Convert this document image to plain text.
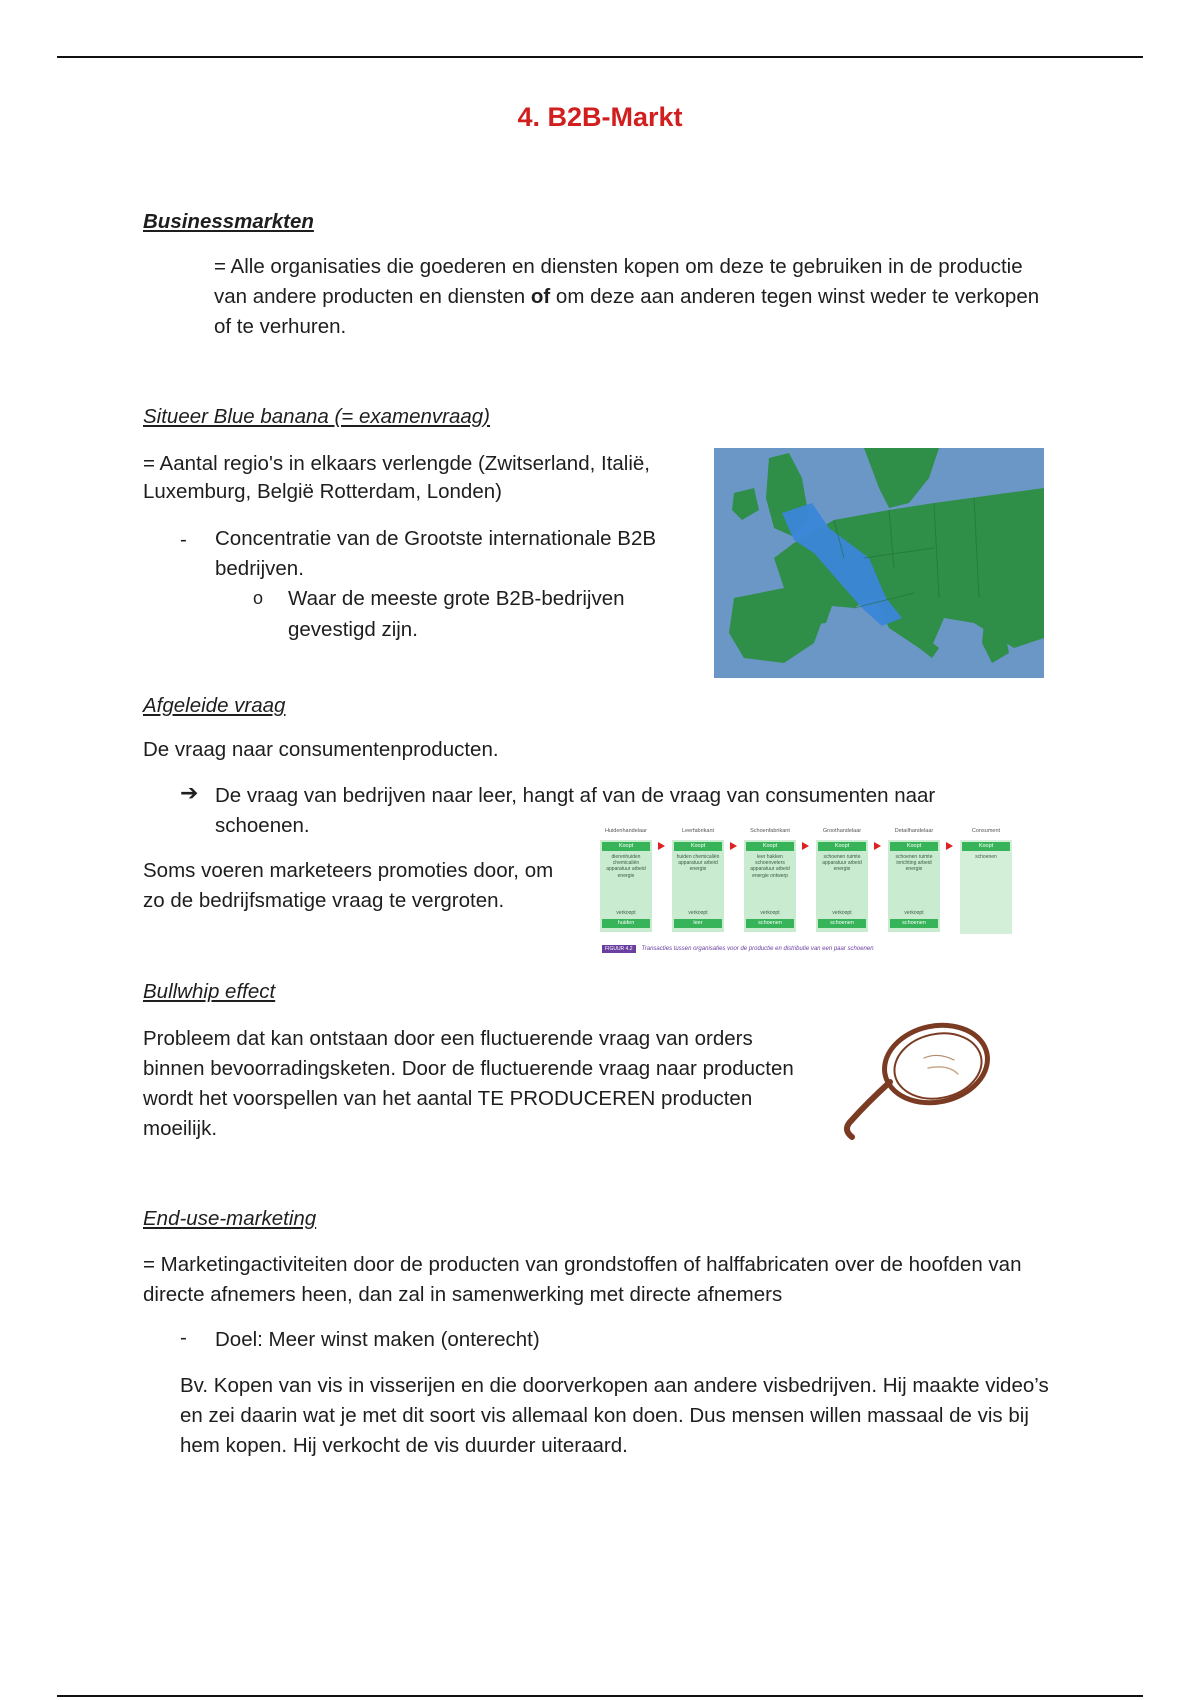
4. B2B-Markt

Businessmarkten

= Alle organisaties die goederen en diensten kopen om deze te gebruiken in de productie van andere producten en diensten of om deze aan anderen tegen winst weder te verkopen of te verhuren.

Situeer Blue banana (= examenvraag)

= Aantal regio's in elkaars verlengde (Zwitserland, Italië, Luxemburg, België Rotterdam, Londen)

- Concentratie van de Grootste internationale B2B bedrijven.

o Waar de meeste grote B2B-bedrijven gevestigd zijn.

Afgeleide vraag

De vraag naar consumentenproducten.

➔ De vraag van bedrijven naar leer, hangt af van de vraag van consumenten naar schoenen.

Soms voeren marketeers promoties door, om zo de bedrijfsmatige vraag te vergroten.

Huidenhandelaar
Koopt
dierenhuiden chemicaliën apparatuur arbeid energie
verkoopt
huiden
Leerfabrikant
Koopt
huiden chemicaliën apparatuur arbeid energie
verkoopt
leer
Schoenfabrikant
Koopt
leer hakken schoenveters apparatuur arbeid energie ontwerp
verkoopt
schoenen
Groothandelaar
Koopt
schoenen ruimte apparatuur arbeid energie
verkoopt
schoenen
Detailhandelaar
Koopt
schoenen ruimte inrichting arbeid energie
verkoopt
schoenen
Consument
Koopt
schoenen
FIGUUR 4.2	Transacties tussen organisaties voor de productie en distributie van een paar schoenen

Bullwhip effect

Probleem dat kan ontstaan door een fluctuerende vraag van orders binnen bevoorradingsketen. Door de fluctuerende vraag naar producten wordt het voorspellen van het aantal TE PRODUCEREN producten moeilijk.

End-use-marketing

= Marketingactiviteiten door de producten van grondstoffen of halffabricaten over de hoofden van directe afnemers heen, dan zal in samenwerking met directe afnemers

- Doel: Meer winst maken (onterecht)

Bv. Kopen van vis in visserijen en die doorverkopen aan andere visbedrijven. Hij maakte video’s en zei daarin wat je met dit soort vis allemaal kon doen. Dus mensen willen massaal de vis bij hem kopen. Hij verkocht de vis duurder uiteraard.
